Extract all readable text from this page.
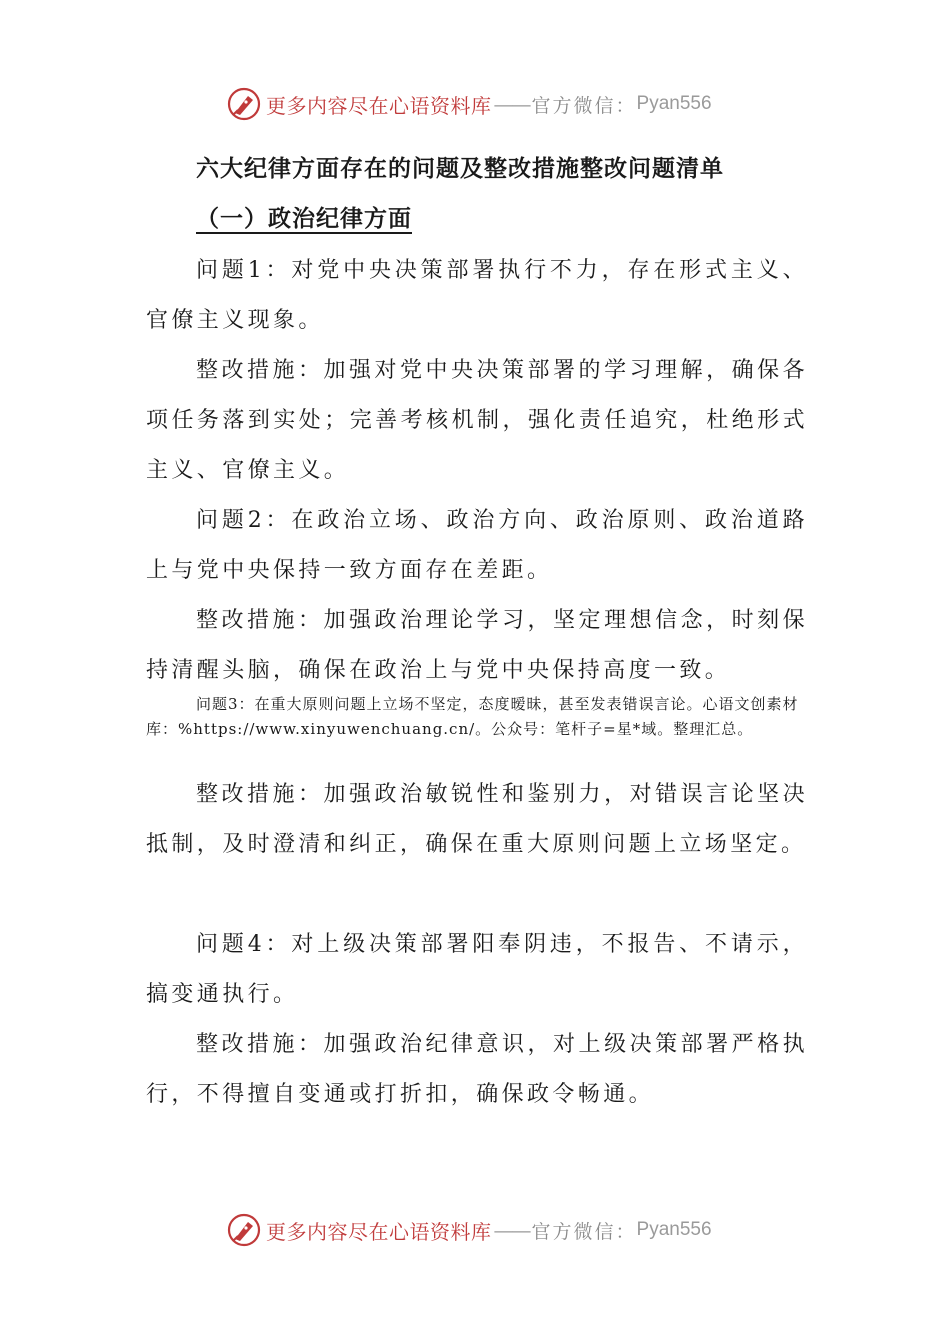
更多内容尽在心语资料库 —— 官方微信： Pyan556
六大纪律方面存在的问题及整改措施整改问题清单
（一）政治纪律方面

问题1：对党中央决策部署执行不力，存在形式主义、官僚主义现象。

整改措施：加强对党中央决策部署的学习理解，确保各项任务落到实处；完善考核机制，强化责任追究，杜绝形式主义、官僚主义。

问题2：在政治立场、政治方向、政治原则、政治道路上与党中央保持一致方面存在差距。

整改措施：加强政治理论学习，坚定理想信念，时刻保持清醒头脑，确保在政治上与党中央保持高度一致。

问题3：在重大原则问题上立场不坚定，态度暧昧，甚至发表错误言论。心语文创素材库：%https://www.xinyuwenchuang.cn/。公众号：笔杆子=星*域。整理汇总。

整改措施：加强政治敏锐性和鉴别力，对错误言论坚决抵制，及时澄清和纠正，确保在重大原则问题上立场坚定。

问题4：对上级决策部署阳奉阴违，不报告、不请示，搞变通执行。

整改措施：加强政治纪律意识，对上级决策部署严格执行，不得擅自变通或打折扣，确保政令畅通。

更多内容尽在心语资料库 —— 官方微信： Pyan556
